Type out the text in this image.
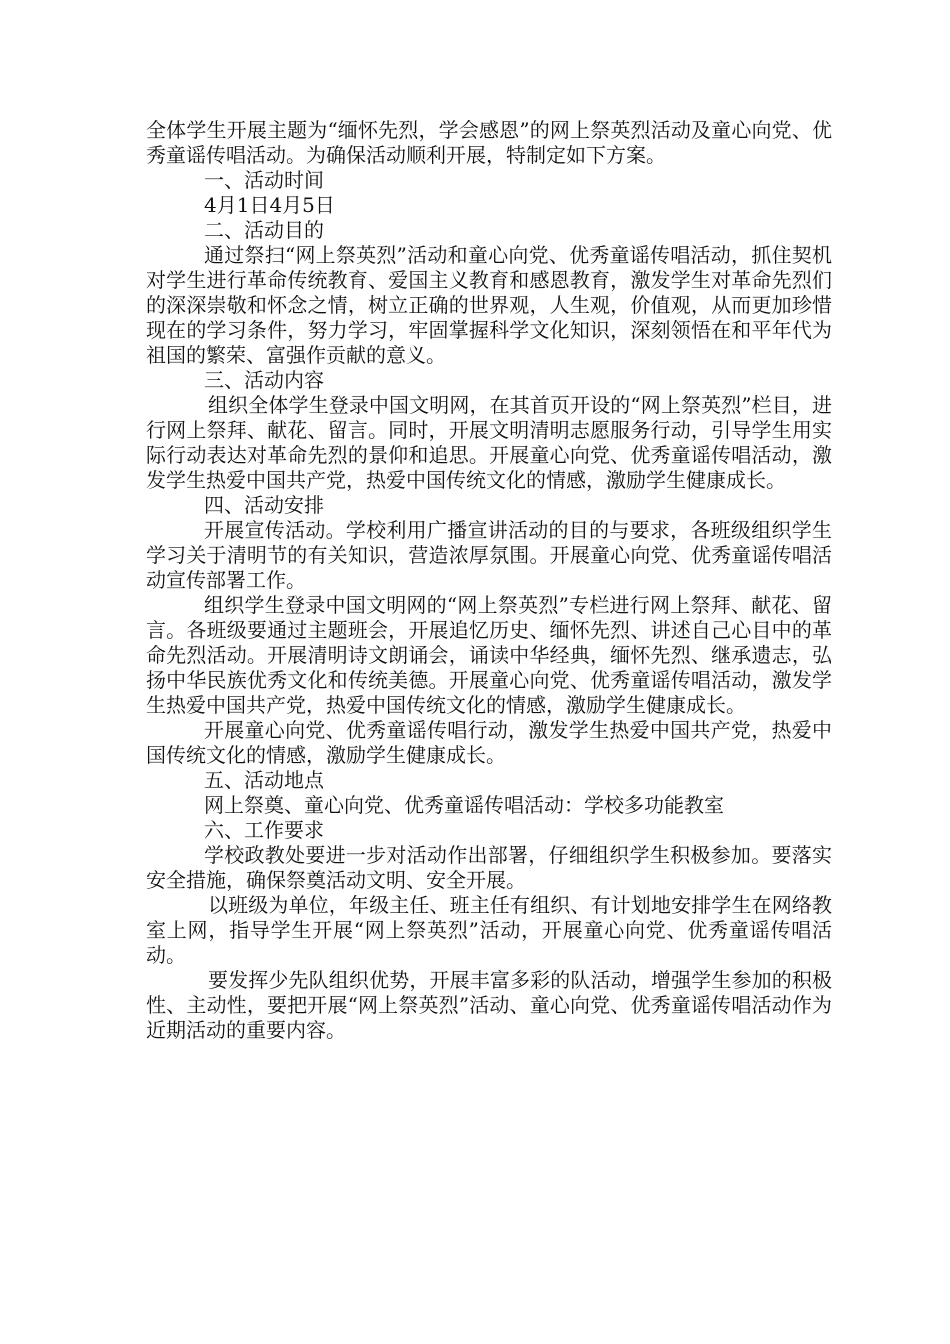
全体学生开展主题为“缅怀先烈，学会感恩”的网上祭英烈活动及童心向党、优秀童谣传唱活动。为确保活动顺利开展，特制定如下方案。

一、活动时间

4月1日4月5日

二、活动目的

通过祭扫“网上祭英烈”活动和童心向党、优秀童谣传唱活动，抓住契机对学生进行革命传统教育、爱国主义教育和感恩教育，激发学生对革命先烈们的深深崇敬和怀念之情，树立正确的世界观，人生观，价值观，从而更加珍惜现在的学习条件，努力学习，牢固掌握科学文化知识，深刻领悟在和平年代为祖国的繁荣、富强作贡献的意义。

三、活动内容

组织全体学生登录中国文明网，在其首页开设的“网上祭英烈”栏目，进行网上祭拜、献花、留言。同时，开展文明清明志愿服务行动，引导学生用实际行动表达对革命先烈的景仰和追思。开展童心向党、优秀童谣传唱活动，激发学生热爱中国共产党，热爱中国传统文化的情感，激励学生健康成长。

四、活动安排

开展宣传活动。学校利用广播宣讲活动的目的与要求，各班级组织学生学习关于清明节的有关知识，营造浓厚氛围。开展童心向党、优秀童谣传唱活动宣传部署工作。

组织学生登录中国文明网的“网上祭英烈”专栏进行网上祭拜、献花、留言。各班级要通过主题班会，开展追忆历史、缅怀先烈、讲述自己心目中的革命先烈活动。开展清明诗文朗诵会，诵读中华经典，缅怀先烈、继承遗志，弘扬中华民族优秀文化和传统美德。开展童心向党、优秀童谣传唱活动，激发学生热爱中国共产党，热爱中国传统文化的情感，激励学生健康成长。

开展童心向党、优秀童谣传唱行动，激发学生热爱中国共产党，热爱中国传统文化的情感，激励学生健康成长。

五、活动地点

网上祭奠、童心向党、优秀童谣传唱活动：学校多功能教室

六、工作要求

学校政教处要进一步对活动作出部署，仔细组织学生积极参加。要落实安全措施，确保祭奠活动文明、安全开展。

以班级为单位，年级主任、班主任有组织、有计划地安排学生在网络教室上网，指导学生开展“网上祭英烈”活动，开展童心向党、优秀童谣传唱活动。

要发挥少先队组织优势，开展丰富多彩的队活动，增强学生参加的积极性、主动性，要把开展“网上祭英烈”活动、童心向党、优秀童谣传唱活动作为近期活动的重要内容。
